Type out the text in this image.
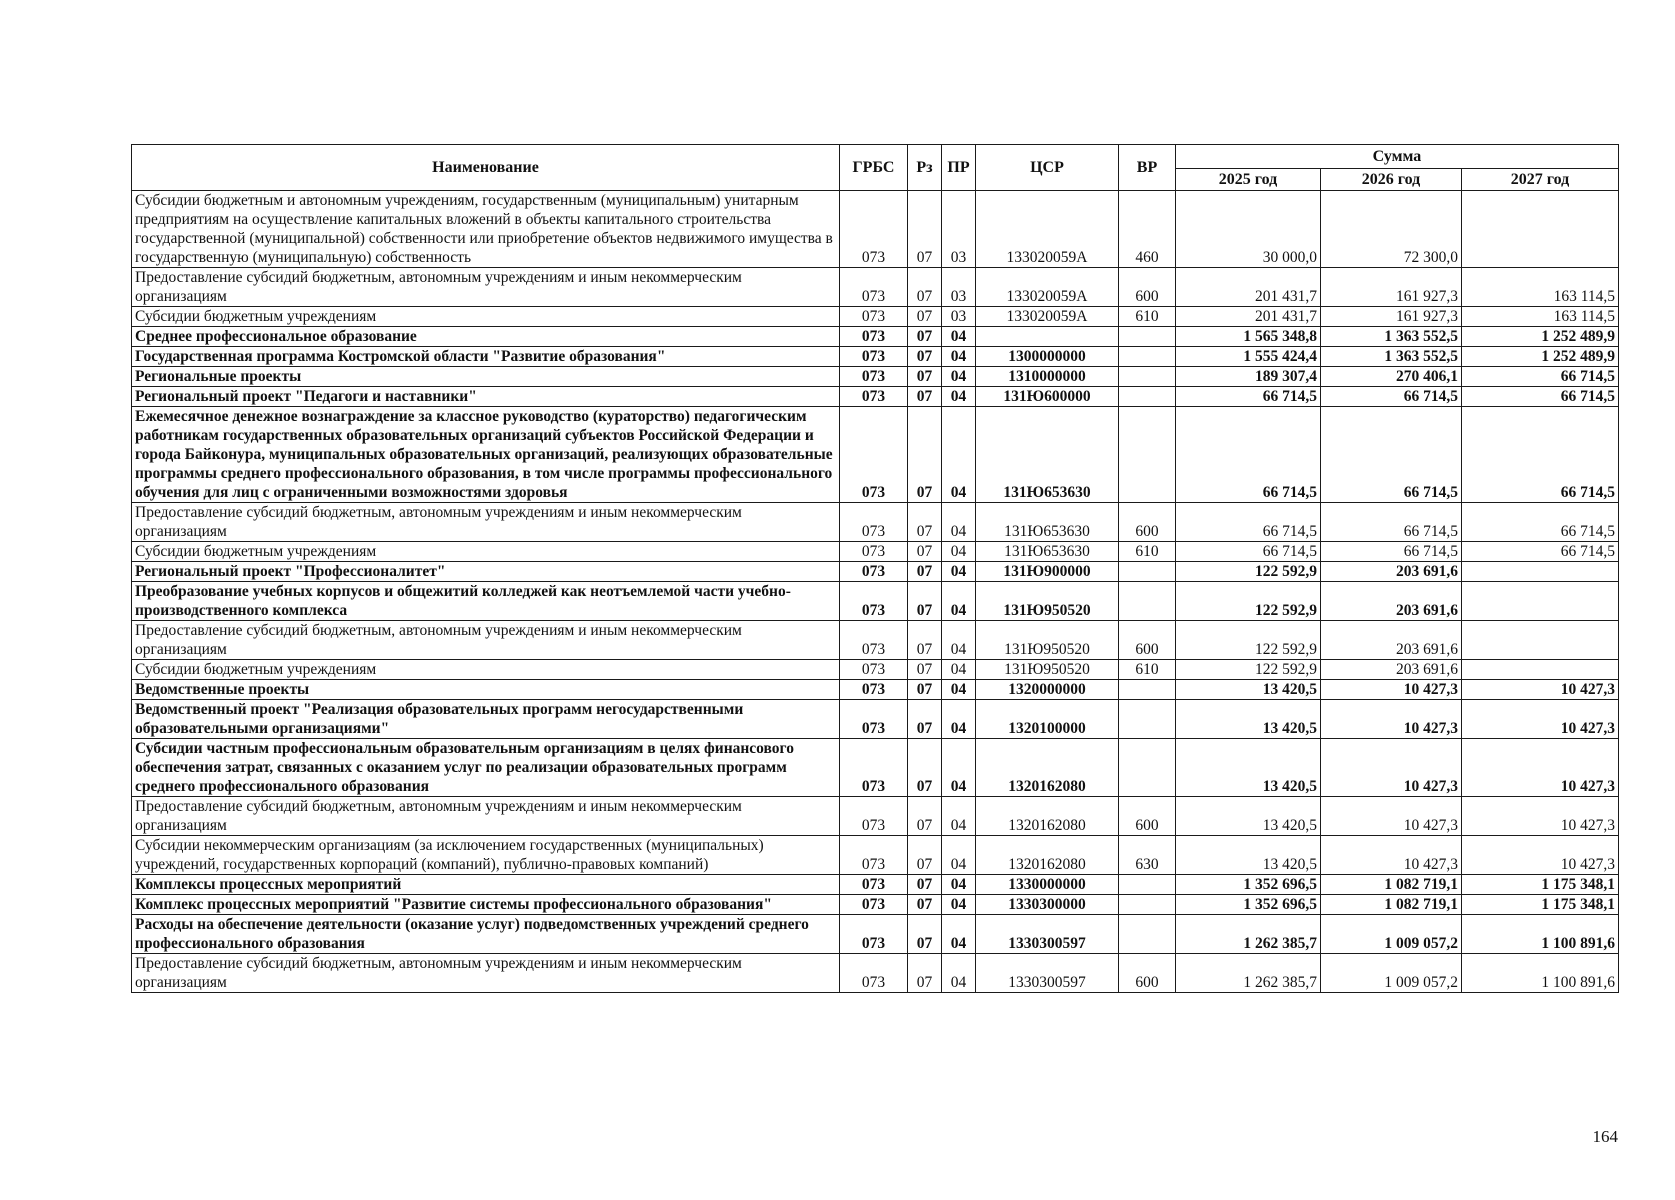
Наименование	ГРБС	Рз	ПР	ЦСР	ВР	Сумма		
						2025 год	2026 год	2027 год
Субсидии бюджетным и автономным учреждениям, государственным (муниципальным) унитарным предприятиям на осуществление капитальных вложений в объекты капитального строительства государственной (муниципальной) собственности или приобретение объектов недвижимого имущества в государственную (муниципальную) собственность	073	07	03	133020059А	460	30 000,0	72 300,0	
Предоставление субсидий бюджетным, автономным учреждениям и иным некоммерческим организациям	073	07	03	133020059А	600	201 431,7	161 927,3	163 114,5
Субсидии бюджетным учреждениям	073	07	03	133020059А	610	201 431,7	161 927,3	163 114,5
Среднее профессиональное образование	073	07	04			1 565 348,8	1 363 552,5	1 252 489,9
Государственная программа Костромской области "Развитие образования"	073	07	04	1300000000		1 555 424,4	1 363 552,5	1 252 489,9
Региональные проекты	073	07	04	1310000000		189 307,4	270 406,1	66 714,5
Региональный проект "Педагоги и наставники"	073	07	04	131Ю600000		66 714,5	66 714,5	66 714,5
Ежемесячное денежное вознаграждение за классное руководство (кураторство) педагогическим работникам государственных образовательных организаций субъектов Российской Федерации и города Байконура, муниципальных образовательных организаций, реализующих образовательные программы среднего профессионального образования, в том числе программы профессионального обучения для лиц с ограниченными возможностями здоровья	073	07	04	131Ю653630		66 714,5	66 714,5	66 714,5
Предоставление субсидий бюджетным, автономным учреждениям и иным некоммерческим организациям	073	07	04	131Ю653630	600	66 714,5	66 714,5	66 714,5
Субсидии бюджетным учреждениям	073	07	04	131Ю653630	610	66 714,5	66 714,5	66 714,5
Региональный проект "Профессионалитет"	073	07	04	131Ю900000		122 592,9	203 691,6	
Преобразование учебных корпусов и общежитий колледжей как неотъемлемой части учебно-производственного комплекса	073	07	04	131Ю950520		122 592,9	203 691,6	
Предоставление субсидий бюджетным, автономным учреждениям и иным некоммерческим организациям	073	07	04	131Ю950520	600	122 592,9	203 691,6	
Субсидии бюджетным учреждениям	073	07	04	131Ю950520	610	122 592,9	203 691,6	
Ведомственные проекты	073	07	04	1320000000		13 420,5	10 427,3	10 427,3
Ведомственный проект "Реализация образовательных программ негосударственными образовательными организациями"	073	07	04	1320100000		13 420,5	10 427,3	10 427,3
Субсидии частным профессиональным образовательным организациям в целях финансового обеспечения затрат, связанных с оказанием услуг по реализации образовательных программ среднего профессионального образования	073	07	04	1320162080		13 420,5	10 427,3	10 427,3
Предоставление субсидий бюджетным, автономным учреждениям и иным некоммерческим организациям	073	07	04	1320162080	600	13 420,5	10 427,3	10 427,3
Субсидии некоммерческим организациям (за исключением государственных (муниципальных) учреждений, государственных корпораций (компаний), публично-правовых компаний)	073	07	04	1320162080	630	13 420,5	10 427,3	10 427,3
Комплексы процессных мероприятий	073	07	04	1330000000		1 352 696,5	1 082 719,1	1 175 348,1
Комплекс процессных мероприятий "Развитие системы профессионального образования"	073	07	04	1330300000		1 352 696,5	1 082 719,1	1 175 348,1
Расходы на обеспечение деятельности (оказание услуг) подведомственных учреждений среднего профессионального образования	073	07	04	1330300597		1 262 385,7	1 009 057,2	1 100 891,6
Предоставление субсидий бюджетным, автономным учреждениям и иным некоммерческим организациям	073	07	04	1330300597	600	1 262 385,7	1 009 057,2	1 100 891,6
164
